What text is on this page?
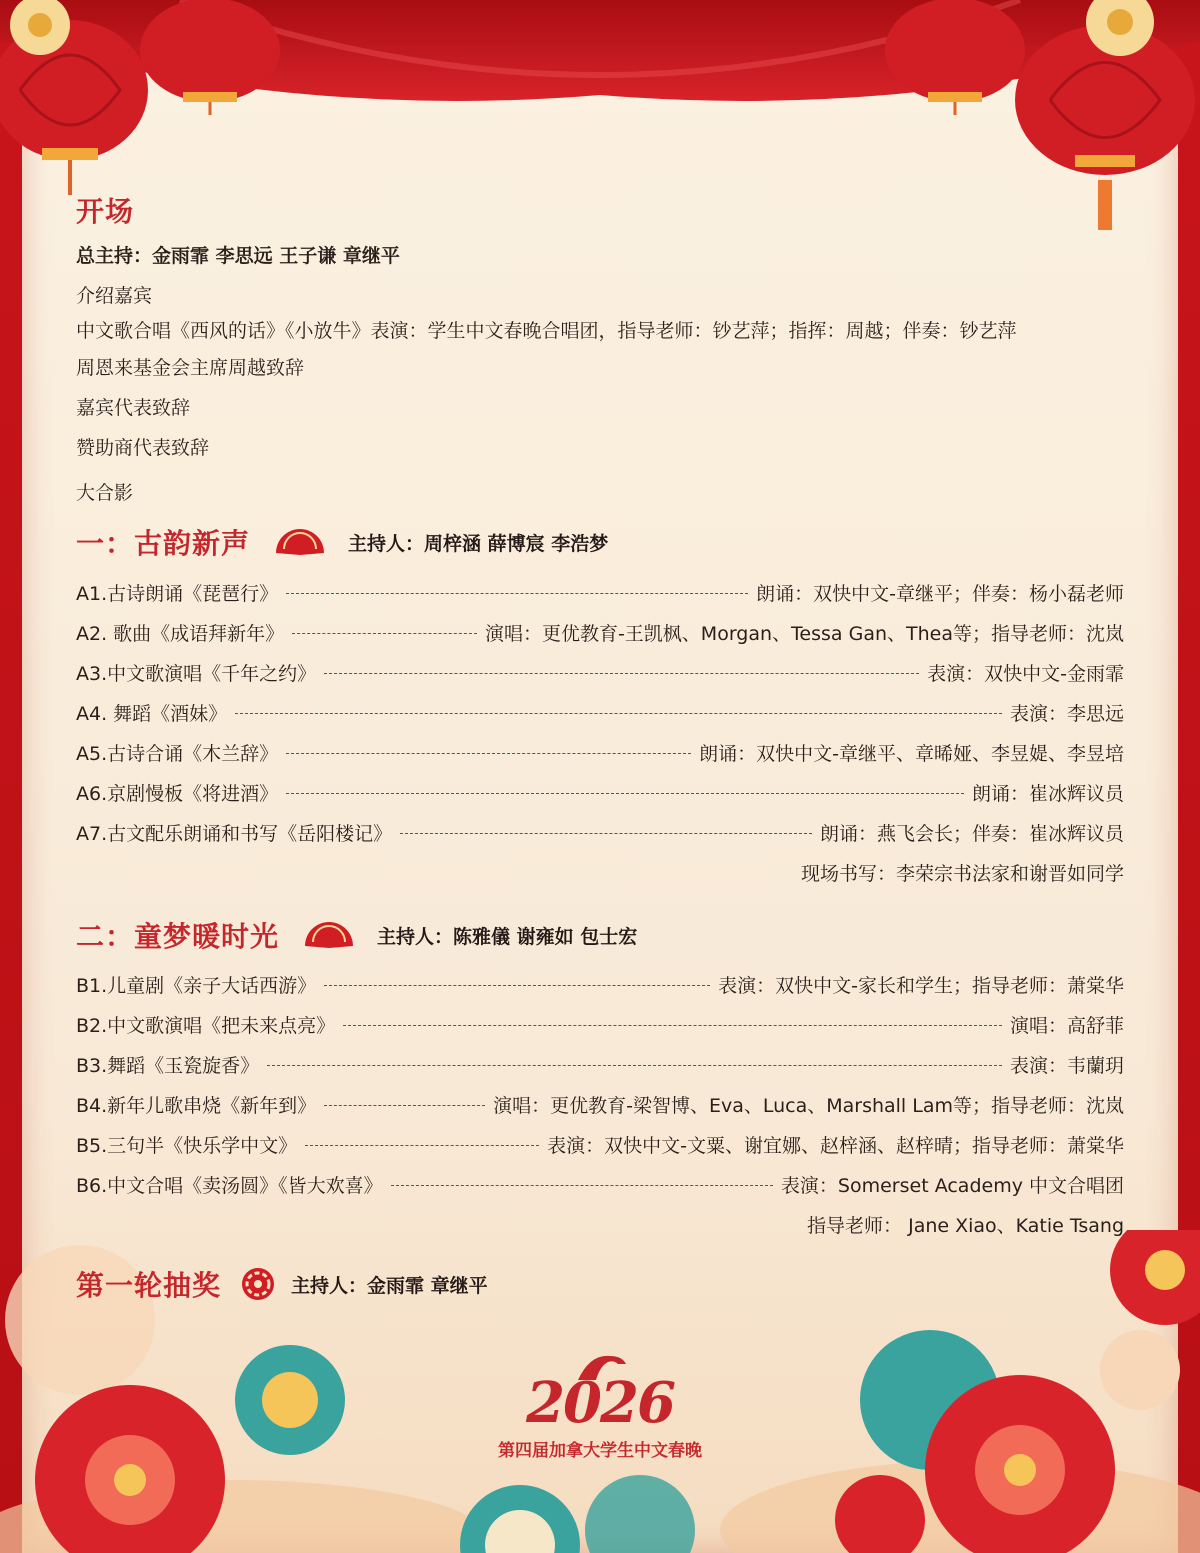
开场
总主持：金雨霏 李思远 王子谦 章继平
介绍嘉宾
中文歌合唱《西风的话》《小放牛》表演：学生中文春晚合唱团，指导老师：钞艺萍；指挥：周越；伴奏：钞艺萍
周恩来基金会主席周越致辞
嘉宾代表致辞
赞助商代表致辞
大合影
一：古韵新声	主持人：周梓涵 薛博宸 李浩梦
A1.古诗朗诵《琵琶行》	朗诵：双快中文-章继平；伴奏：杨小磊老师
A2. 歌曲《成语拜新年》	演唱：更优教育-王凯枫、Morgan、Tessa Gan、Thea等；指导老师：沈岚
A3.中文歌演唱《千年之约》	表演：双快中文-金雨霏
A4. 舞蹈《酒妹》	表演：李思远
A5.古诗合诵《木兰辞》	朗诵：双快中文-章继平、章晞娅、李昱媞、李昱培
A6.京剧慢板《将进酒》	朗诵：崔冰辉议员
A7.古文配乐朗诵和书写《岳阳楼记》	朗诵：燕飞会长；伴奏：崔冰辉议员
现场书写：李荣宗书法家和谢晋如同学
二：童梦暖时光	主持人：陈雅儀 谢雍如 包士宏
B1.儿童剧《亲子大话西游》	表演：双快中文-家长和学生；指导老师：萧棠华
B2.中文歌演唱《把未来点亮》	演唱：高舒菲
B3.舞蹈《玉瓷旋香》	表演：韦蘭玥
B4.新年儿歌串烧《新年到》	演唱：更优教育-梁智博、Eva、Luca、Marshall Lam等；指导老师：沈岚
B5.三句半《快乐学中文》	表演：双快中文-文粟、谢宜娜、赵梓涵、赵梓晴；指导老师：萧棠华
B6.中文合唱《卖汤圆》《皆大欢喜》	表演：Somerset Academy 中文合唱团
指导老师： Jane Xiao、Katie Tsang
第一轮抽奖	主持人：金雨霏 章继平
2026
第四届加拿大学生中文春晚
